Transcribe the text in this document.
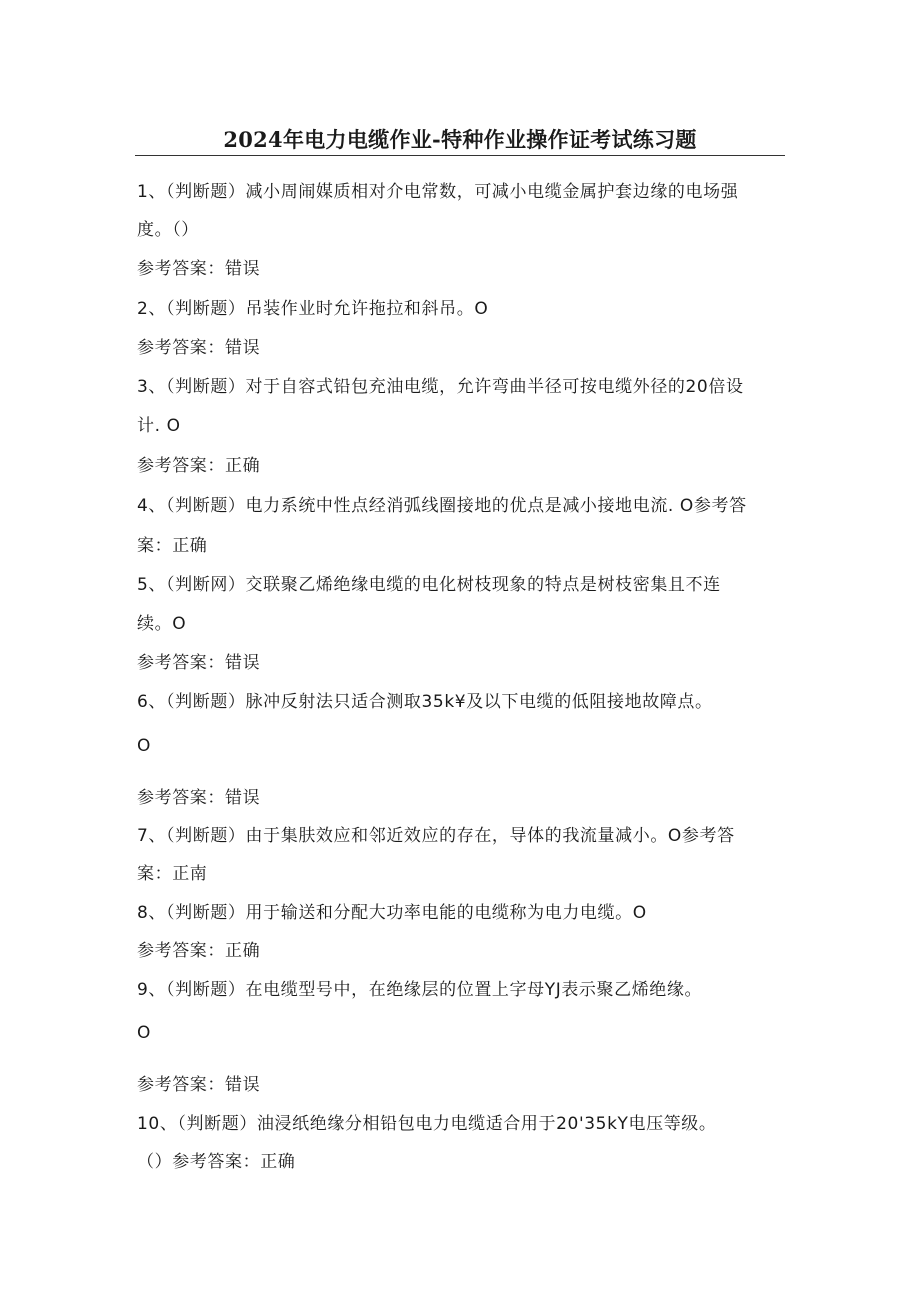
2024年电力电缆作业-特种作业操作证考试练习题
1、（判断题）减小周闹媒质相对介电常数，可减小电缆金属护套边缘的电场强
度。（）
参考答案：错误
2、（判断题）吊装作业时允许拖拉和斜吊。O
参考答案：错误
3、（判断题）对于自容式铅包充油电缆，允许弯曲半径可按电缆外径的20倍设
计. O
参考答案：正确
4、（判断题）电力系统中性点经消弧线圈接地的优点是减小接地电流. O参考答
案：正确
5、（判断网）交联聚乙烯绝缘电缆的电化树枝现象的特点是树枝密集且不连
续。O
参考答案：错误
6、（判断题）脉冲反射法只适合测取35k¥及以下电缆的低阻接地故障点。
O
参考答案：错误
7、（判断题）由于集肤效应和邻近效应的存在，导体的我流量减小。O参考答
案：正南
8、（判断题）用于输送和分配大功率电能的电缆称为电力电缆。O
参考答案：正确
9、（判断题）在电缆型号中，在绝缘层的位置上字母YJ表示聚乙烯绝缘。
O
参考答案：错误
10、（判断题）油浸纸绝缘分相铅包电力电缆适合用于20'35kY电压等级。
（）参考答案：正确
